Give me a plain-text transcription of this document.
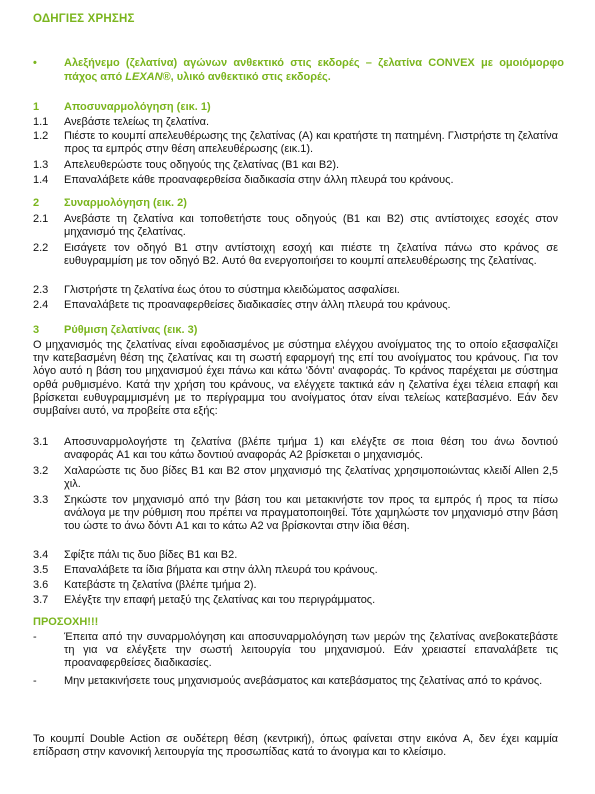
ΟΔΗΓΙΕΣ ΧΡΗΣΗΣ
• Αλεξήνεμο (ζελατίνα) αγώνων ανθεκτικό στις εκδορές – ζελατίνα CONVEX με ομοιόμορφο πάχος από LEXAN®, υλικό ανθεκτικό στις εκδορές.
1 Αποσυναρμολόγηση (εικ. 1)
1.1 Ανεβάστε τελείως τη ζελατίνα.
1.2 Πιέστε το κουμπί απελευθέρωσης της ζελατίνας (A) και κρατήστε τη πατημένη. Γλιστρήστε τη ζελατίνα προς τα εμπρός στην θέση απελευθέρωσης (εικ.1).
1.3 Απελευθερώστε τους οδηγούς της ζελατίνας (B1 και B2).
1.4 Επαναλάβετε κάθε προαναφερθείσα διαδικασία στην άλλη πλευρά του κράνους.
2 Συναρμολόγηση (εικ. 2)
2.1 Ανεβάστε τη ζελατίνα και τοποθετήστε τους οδηγούς (B1 και B2) στις αντίστοιχες εσοχές στον μηχανισμό της ζελατίνας.
2.2 Εισάγετε τον οδηγό B1 στην αντίστοιχη εσοχή και πιέστε τη ζελατίνα πάνω στο κράνος σε ευθυγραμμίση με τον οδηγό B2. Αυτό θα ενεργοποιήσει το κουμπί απελευθέρωσης της ζελατίνας.
2.3 Γλιστρήστε τη ζελατίνα έως ότου το σύστημα κλειδώματος ασφαλίσει.
2.4 Επαναλάβετε τις προαναφερθείσες διαδικασίες στην άλλη πλευρά του κράνους.
3 Ρύθμιση ζελατίνας (εικ. 3)
Ο μηχανισμός της ζελατίνας είναι εφοδιασμένος με σύστημα ελέγχου ανοίγματος της το οποίο εξασφαλίζει την κατεβασμένη θέση της ζελατίνας και τη σωστή εφαρμογή της επί του ανοίγματος του κράνους. Για τον λόγο αυτό η βάση του μηχανισμού έχει πάνω και κάτω 'δόντι' αναφοράς. Το κράνος παρέχεται με σύστημα ορθά ρυθμισμένο. Κατά την χρήση του κράνους, να ελέγχετε τακτικά εάν η ζελατίνα έχει τέλεια επαφή και βρίσκεται ευθυγραμμισμένη με το περίγραμμα του ανοίγματος όταν είναι τελείως κατεβασμένο. Εάν δεν συμβαίνει αυτό, να προβείτε στα εξής:
3.1 Αποσυναρμολογήστε τη ζελατίνα (βλέπε τμήμα 1) και ελέγξτε σε ποια θέση του άνω δοντιού αναφοράς A1 και του κάτω δοντιού αναφοράς A2 βρίσκεται ο μηχανισμός.
3.2 Χαλαρώστε τις δυο βίδες B1 και B2 στον μηχανισμό της ζελατίνας χρησιμοποιώντας κλειδί Allen 2,5 χιλ.
3.3 Σηκώστε τον μηχανισμό από την βάση του και μετακινήστε τον προς τα εμπρός ή προς τα πίσω ανάλογα με την ρύθμιση που πρέπει να πραγματοποιηθεί. Τότε χαμηλώστε τον μηχανισμό στην βάση του ώστε το άνω δόντι A1 και το κάτω A2 να βρίσκονται στην ίδια θέση.
3.4 Σφίξτε πάλι τις δυο βίδες B1 και B2.
3.5 Επαναλάβετε τα ίδια βήματα και στην άλλη πλευρά του κράνους.
3.6 Κατεβάστε τη ζελατίνα (βλέπε τμήμα 2).
3.7 Ελέγξτε την επαφή μεταξύ της ζελατίνας και του περιγράμματος.
ΠΡΟΣΟΧΗ!!!
- Έπειτα από την συναρμολόγηση και αποσυναρμολόγηση των μερών της ζελατίνας ανεβοκατεβάστε τη για να ελέγξετε την σωστή λειτουργία του μηχανισμού. Εάν χρειαστεί επαναλάβετε τις προαναφερθείσες διαδικασίες.
- Μην μετακινήσετε τους μηχανισμούς ανεβάσματος και κατεβάσματος της ζελατίνας από το κράνος.
Το κουμπί Double Action σε ουδέτερη θέση (κεντρική), όπως φαίνεται στην εικόνα A, δεν έχει καμμία επίδραση στην κανονική λειτουργία της προσωπίδας κατά το άνοιγμα και το κλείσιμο.
